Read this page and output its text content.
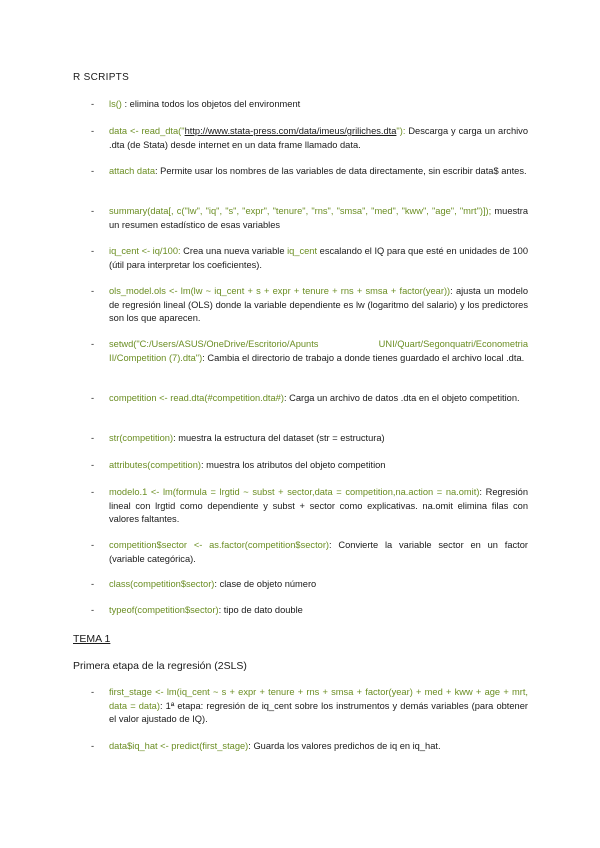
R SCRIPTS
-	ls() : elimina todos los objetos del environment
-	data <- read_dta("http://www.stata-press.com/data/imeus/griliches.dta"): Descarga y carga un archivo .dta (de Stata) desde internet en un data frame llamado data.
-	attach data: Permite usar los nombres de las variables de data directamente, sin escribir data$ antes.
-	summary(data[, c("lw", "iq", "s", "expr", "tenure", "rns", "smsa", "med", "kww", "age", "mrt")]); muestra un resumen estadístico de esas variables
-	iq_cent <- iq/100: Crea una nueva variable iq_cent escalando el IQ para que esté en unidades de 100 (útil para interpretar los coeficientes).
-	ols_model.ols <- lm(lw ~ iq_cent + s + expr + tenure + rns + smsa + factor(year)): ajusta un modelo de regresión lineal (OLS) donde la variable dependiente es lw (logaritmo del salario) y los predictores son los que aparecen.
-	setwd("C:/Users/ASUS/OneDrive/Escritorio/Apunts UNI/Quart/Segonquatri/Econometria II/Competition (7).dta"): Cambia el directorio de trabajo a donde tienes guardado el archivo local .dta.
-	competition <- read.dta(#competition.dta#): Carga un archivo de datos .dta en el objeto competition.
-	str(competition): muestra la estructura del dataset (str = estructura)
-	attributes(competition): muestra los atributos del objeto competition
-	modelo.1 <- lm(formula = lrgtid ~ subst + sector,data = competition,na.action = na.omit): Regresión lineal con lrgtid como dependiente y subst + sector como explicativas. na.omit elimina filas con valores faltantes.
-	competition$sector <- as.factor(competition$sector): Convierte la variable sector en un factor (variable categórica).
-	class(competition$sector): clase de objeto número
-	typeof(competition$sector): tipo de dato double
TEMA 1
Primera etapa de la regresión (2SLS)
-	first_stage <- lm(iq_cent ~ s + expr + tenure + rns + smsa + factor(year) + med + kww + age + mrt, data = data): 1ª etapa: regresión de iq_cent sobre los instrumentos y demás variables (para obtener el valor ajustado de IQ).
-	data$iq_hat <- predict(first_stage): Guarda los valores predichos de iq en iq_hat.
